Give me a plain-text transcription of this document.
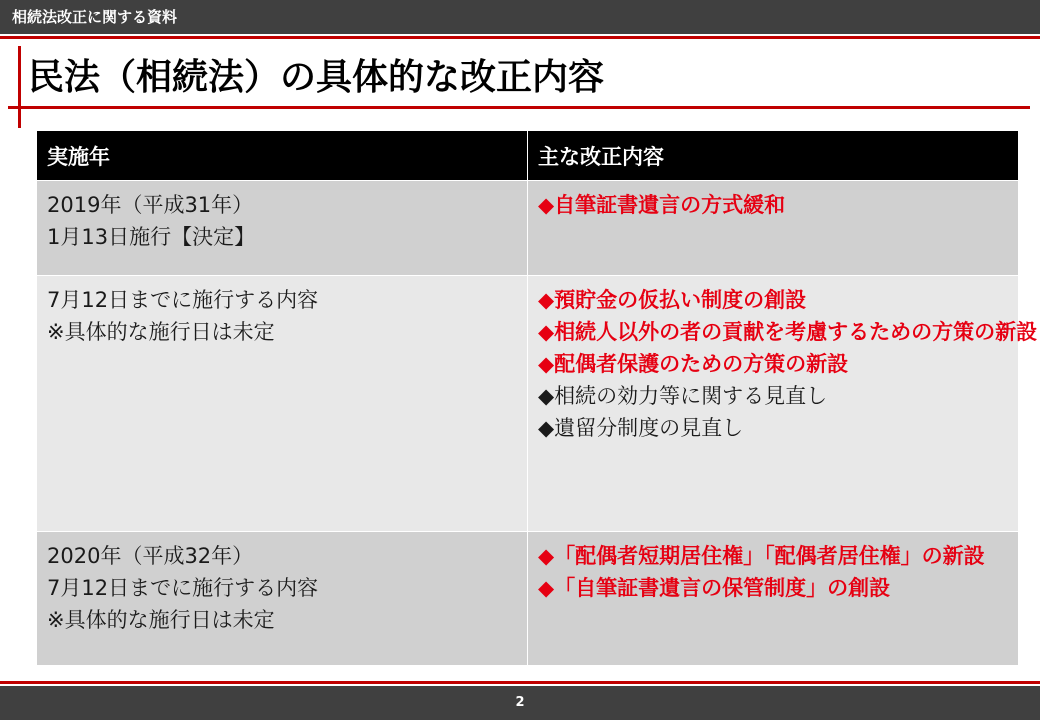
相続法改正に関する資料
民法（相続法）の具体的な改正内容
実施年	主な改正内容

2019年（平成31年）
1月13日施行【決定】	◆自筆証書遺言の方式緩和

7月12日までに施行する内容
※具体的な施行日は未定	◆預貯金の仮払い制度の創設
◆相続人以外の者の貢献を考慮するための方策の新設
◆配偶者保護のための方策の新設
◆相続の効力等に関する見直し
◆遺留分制度の見直し

2020年（平成32年）
7月12日までに施行する内容
※具体的な施行日は未定	◆「配偶者短期居住権」「配偶者居住権」の新設
◆「自筆証書遺言の保管制度」の創設
2
